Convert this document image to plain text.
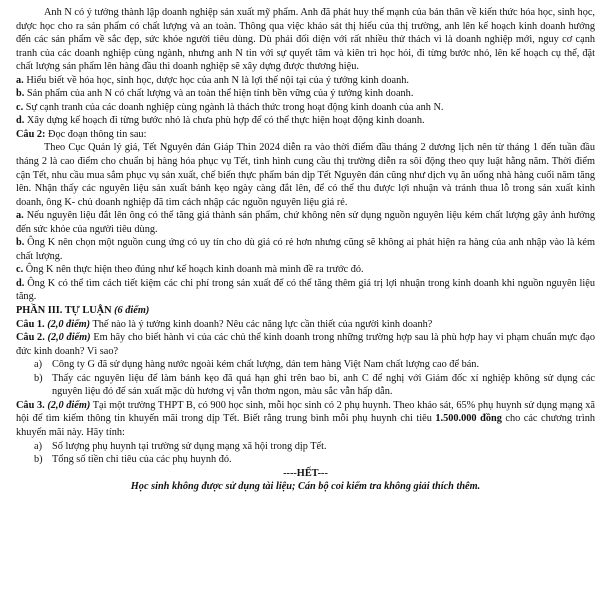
Anh N có ý tưởng thành lập doanh nghiệp sản xuất mỹ phẩm. Anh đã phát huy thế mạnh của bản thân về kiến thức hóa học, sinh học, dược học cho ra sản phẩm có chất lượng và an toàn. Thông qua việc khảo sát thị hiểu của thị trường, anh lên kế hoạch kinh doanh hướng đến các sản phẩm về sắc đẹp, sức khỏe người tiêu dùng. Dù phải đối diện với rất nhiều thử thách vì là doanh nghiệp mới, nguy cơ cạnh tranh của các doanh nghiệp cùng ngành, nhưng anh N tin với sự quyết tâm và kiên trì học hỏi, đi từng bước nhỏ, lên kế hoạch cụ thể, đặt chất lượng sản phẩm lên hàng đầu thì doanh nghiệp sẽ xây dựng được thương hiệu.

a. Hiểu biết về hóa học, sinh học, dược học của anh N là lợi thế nội tại của ý tưởng kinh doanh.

b. Sản phẩm của anh N có chất lượng và an toàn thể hiện tính bền vững của ý tưởng kinh doanh.

c. Sự cạnh tranh của các doanh nghiệp cùng ngành là thách thức trong hoạt động kinh doanh của anh N.

d. Xây dựng kế hoạch đi từng bước nhỏ là chưa phù hợp để có thể thực hiện hoạt động kinh doanh.

Câu 2: Đọc đoạn thông tin sau:

Theo Cục Quản lý giá, Tết Nguyên đán Giáp Thìn 2024 diễn ra vào thời điểm đầu tháng 2 dương lịch nên từ tháng 1 đến tuần đầu tháng 2 là cao điểm cho chuẩn bị hàng hóa phục vụ Tết, tình hình cung cầu thị trường diễn ra sôi động theo quy luật hằng năm. Thời điểm cận Tết, nhu cầu mua sắm phục vụ sản xuất, chế biến thực phẩm bán dịp Tết Nguyên đán cũng như dịch vụ ăn uống nhà hàng cuối năm tăng lên. Nhận thấy các nguyên liệu sản xuất bánh kẹo ngày càng đắt lên, để có thể thu được lợi nhuận và tránh thua lỗ trong sản xuất kinh doanh, ông K- chủ doanh nghiệp đã tìm cách nhập các nguồn nguyên liệu giá rẻ.

a. Nếu nguyên liệu đắt lên ông có thể tăng giá thành sản phẩm, chứ không nên sử dụng nguồn nguyên liệu kém chất lượng gây ảnh hưởng đến sức khỏe của người tiêu dùng.

b. Ông K nên chọn một nguồn cung ứng có uy tín cho dù giá có rẻ hơn nhưng cũng sẽ không ai phát hiện ra hàng của anh nhập vào là kém chất lượng.

c. Ông K nên thực hiện theo đúng như kế hoạch kinh doanh mà mình đề ra trước đó.

d. Ông K có thể tìm cách tiết kiệm các chi phí trong sản xuất để có thể tăng thêm giá trị lợi nhuận trong kinh doanh khi nguồn nguyên liệu tăng.

PHẦN III. TỰ LUẬN (6 điểm)

Câu 1. (2,0 điểm) Thế nào là ý tưởng kinh doanh? Nêu các năng lực cần thiết của người kinh doanh?

Câu 2. (2,0 điểm) Em hãy cho biết hành vi của các chủ thể kinh doanh trong những trường hợp sau là phù hợp hay vi phạm chuẩn mực đạo đức kinh doanh? Vì sao?

a) Công ty G đã sử dụng hàng nước ngoài kém chất lượng, dán tem hàng Việt Nam chất lượng cao để bán.
b) Thấy các nguyên liệu để làm bánh kẹo đã quá hạn ghi trên bao bì, anh C để nghị với Giám đốc xí nghiệp không sử dụng các nguyên liệu đó để sản xuất mặc dù hương vị vẫn thơm ngon, màu sắc vẫn hấp dẫn.

Câu 3. (2,0 điểm) Tại một trường THPT B, có 900 học sinh, mỗi học sinh có 2 phụ huynh. Theo khảo sát, 65% phụ huynh sử dụng mạng xã hội để tìm kiếm thông tin khuyến mãi trong dịp Tết. Biết rằng trung bình mỗi phụ huynh chi tiêu 1.500.000 đồng cho các chương trình khuyến mãi này. Hãy tính:

a) Số lượng phụ huynh tại trường sử dụng mạng xã hội trong dịp Tết.
b) Tổng số tiền chi tiêu của các phụ huynh đó.

----HẾT---

Học sinh không được sử dụng tài liệu; Cán bộ coi kiểm tra không giải thích thêm.
